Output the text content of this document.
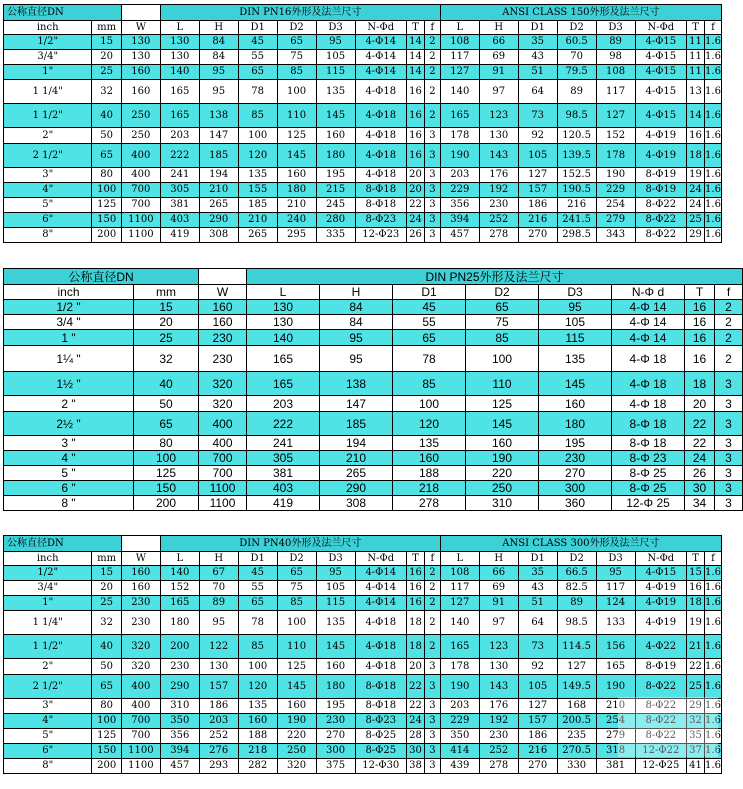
公称直径DN			DIN PN16外形及法兰尺寸								ANSI CLASS 150外形及法兰尺寸							
inch	mm	W	L	H	D1	D2	D3	N-Φd	T	f	L	H	D1	D2	D3	N-Φd	T	f
1/2"	15	130	130	84	45	65	95	4-Φ14	14	2	108	66	35	60.5	89	4-Φ15	11	1.6
3/4"	20	130	130	84	55	75	105	4-Φ14	14	2	117	69	43	70	98	4-Φ15	11	1.6
1"	25	160	140	95	65	85	115	4-Φ14	14	2	127	91	51	79.5	108	4-Φ15	11	1.6
1 1/4"	32	160	165	95	78	100	135	4-Φ18	16	2	140	97	64	89	117	4-Φ15	13	1.6
1 1/2"	40	250	165	138	85	110	145	4-Φ18	16	2	165	123	73	98.5	127	4-Φ15	14	1.6
2"	50	250	203	147	100	125	160	4-Φ18	16	3	178	130	92	120.5	152	4-Φ19	16	1.6
2 1/2"	65	400	222	185	120	145	180	4-Φ18	16	3	190	143	105	139.5	178	4-Φ19	18	1.6
3"	80	400	241	194	135	160	195	4-Φ18	20	3	203	176	127	152.5	190	8-Φ19	19	1.6
4"	100	700	305	210	155	180	215	8-Φ18	20	3	229	192	157	190.5	229	8-Φ19	24	1.6
5"	125	700	381	265	185	210	245	8-Φ18	22	3	356	230	186	216	254	8-Φ22	24	1.6
6"	150	1100	403	290	210	240	280	8-Φ23	24	3	394	252	216	241.5	279	8-Φ22	25	1.6
8"	200	1100	419	308	265	295	335	12-Φ23	26	3	457	278	270	298.5	343	8-Φ22	29	1.6
公称直径DN			DIN PN25外形及法兰尺寸							
inch	mm	W	L	H	D1	D2	D3	N-Φ d	T	f
1/2 "	15	160	130	84	45	65	95	4-Φ 14	16	2
3/4 "	20	160	130	84	55	75	105	4-Φ 14	16	2
1 "	25	230	140	95	65	85	115	4-Φ 14	16	2
1¼ "	32	230	165	95	78	100	135	4-Φ 18	16	2
1½ "	40	320	165	138	85	110	145	4-Φ 18	18	3
2 "	50	320	203	147	100	125	160	4-Φ 18	20	3
2½ "	65	400	222	185	120	145	180	8-Φ 18	22	3
3 "	80	400	241	194	135	160	195	8-Φ 18	22	3
4 "	100	700	305	210	160	190	230	8-Φ 23	24	3
5 "	125	700	381	265	188	220	270	8-Φ 25	26	3
6 "	150	1100	403	290	218	250	300	8-Φ 25	30	3
8 "	200	1100	419	308	278	310	360	12-Φ 25	34	3
公称直径DN			DIN PN40外形及法兰尺寸								ANSI CLASS 300外形及法兰尺寸							
inch	mm	W	L	H	D1	D2	D3	N-Φd	T	f	L	H	D1	D2	D3	N-Φd	T	f
1/2"	15	160	140	67	45	65	95	4-Φ14	16	2	108	66	35	66.5	95	4-Φ15	15	1.6
3/4"	20	160	152	70	55	75	105	4-Φ14	16	2	117	69	43	82.5	117	4-Φ19	16	1.6
1"	25	230	165	89	65	85	115	4-Φ14	16	2	127	91	51	89	124	4-Φ19	18	1.6
1 1/4"	32	230	180	95	78	100	135	4-Φ18	18	2	140	97	64	98.5	133	4-Φ19	19	1.6
1 1/2"	40	320	200	122	85	110	145	4-Φ18	18	2	165	123	73	114.5	156	4-Φ22	21	1.6
2"	50	320	230	130	100	125	160	4-Φ18	20	3	178	130	92	127	165	8-Φ19	22	1.6
2 1/2"	65	400	290	157	120	145	180	8-Φ18	22	3	190	143	105	149.5	190	8-Φ22	25	1.6
3"	80	400	310	186	135	160	195	8-Φ18	22	3	203	176	127	168	210	8-Φ22	29	1.6
4"	100	700	350	203	160	190	230	8-Φ23	24	3	229	192	157	200.5	254	8-Φ22	32	1.6
5"	125	700	356	252	188	220	270	8-Φ25	28	3	350	230	186	235	279	8-Φ22	35	1.6
6"	150	1100	394	276	218	250	300	8-Φ25	30	3	414	252	216	270.5	318	12-Φ22	37	1.6
8"	200	1100	457	293	282	320	375	12-Φ30	38	3	439	278	270	330	381	12-Φ25	41	1.6
